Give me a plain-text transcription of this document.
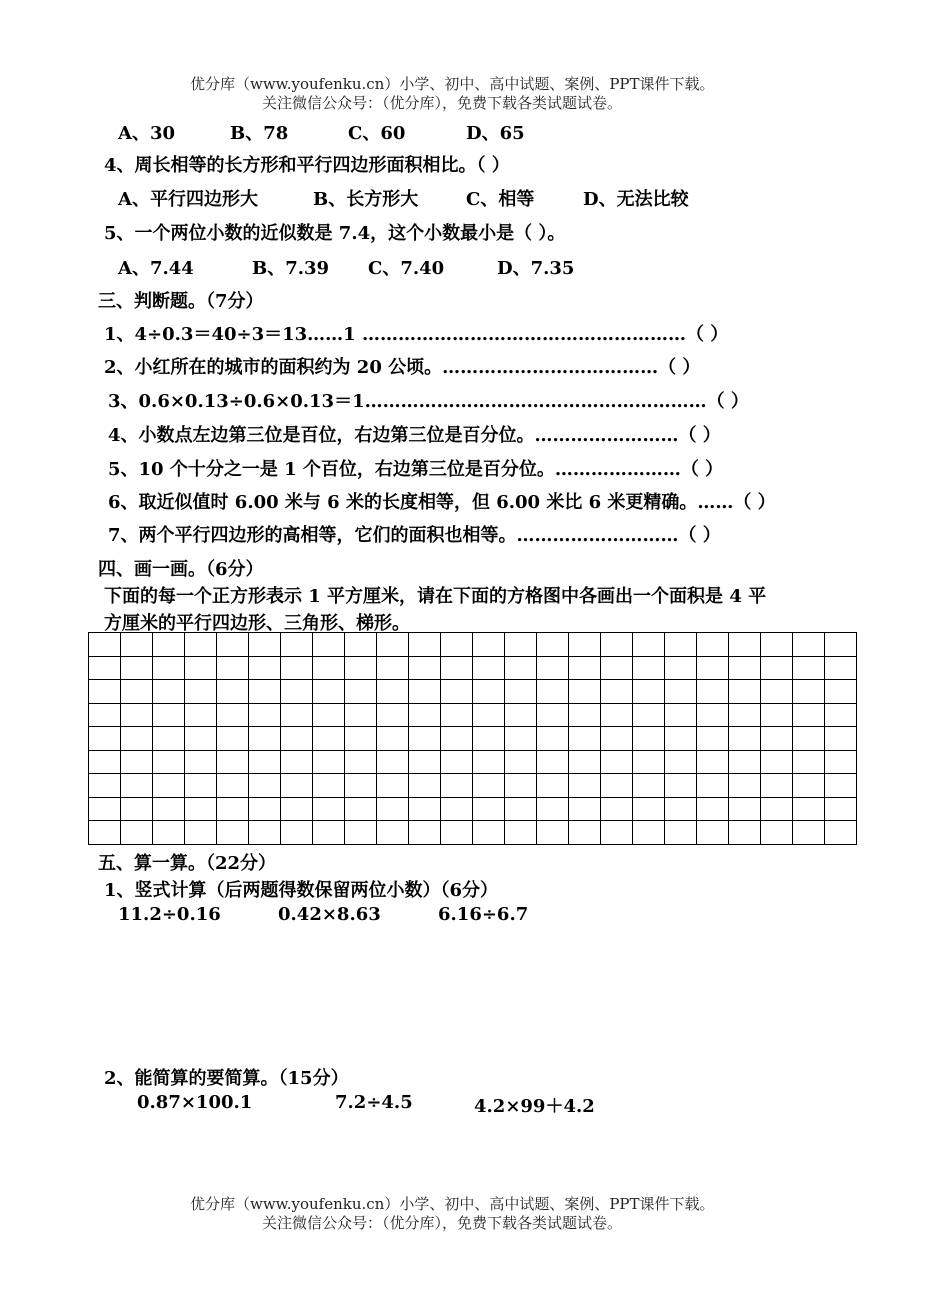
优分库（www.youfenku.cn）小学、初中、高中试题、案例、PPT课件下载。
关注微信公众号：（优分库），免费下载各类试题试卷。
A、30	B、78	C、60	D、65
4、周长相等的长方形和平行四边形面积相比。（ ）
A、平行四边形大	B、长方形大	C、相等	D、无法比较
5、一个两位小数的近似数是 7.4，这个小数最小是（ ）。
A、7.44	B、7.39 C、7.40	D、7.35
三、判断题。（7分）
1、4÷0.3＝40÷3＝13……1 ………………………………………………（ ）
2、小红所在的城市的面积约为 20 公顷。………………………………（ ）
3、0.6×0.13÷0.6×0.13＝1…………………………………………………（ ）
4、小数点左边第三位是百位，右边第三位是百分位。……………………（ ）
5、10 个十分之一是 1 个百位，右边第三位是百分位。…………………（ ）
6、取近似值时 6.00 米与 6 米的长度相等，但 6.00 米比 6 米更精确。……（ ）
7、两个平行四边形的高相等，它们的面积也相等。………………………（ ）
四、画一画。（6分）
下面的每一个正方形表示 1 平方厘米，请在下面的方格图中各画出一个面积是 4 平
方厘米的平行四边形、三角形、梯形。

五、算一算。（22分）
1、竖式计算（后两题得数保留两位小数）（6分）
11.2÷0.16	0.42×8.63	6.16÷6.7
2、能简算的要简算。（15分）
0.87×100.1	7.2÷4.5	4.2×99＋4.2
优分库（www.youfenku.cn）小学、初中、高中试题、案例、PPT课件下载。
关注微信公众号：（优分库），免费下载各类试题试卷。
